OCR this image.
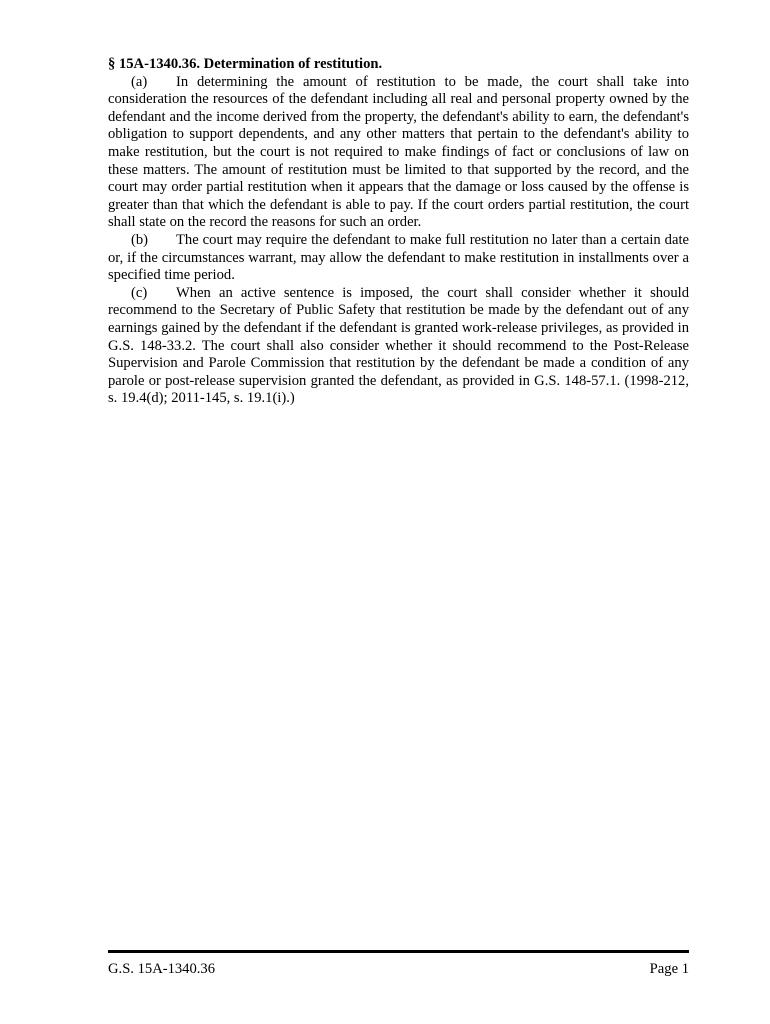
§ 15A-1340.36. Determination of restitution.

(a) In determining the amount of restitution to be made, the court shall take into consideration the resources of the defendant including all real and personal property owned by the defendant and the income derived from the property, the defendant's ability to earn, the defendant's obligation to support dependents, and any other matters that pertain to the defendant's ability to make restitution, but the court is not required to make findings of fact or conclusions of law on these matters. The amount of restitution must be limited to that supported by the record, and the court may order partial restitution when it appears that the damage or loss caused by the offense is greater than that which the defendant is able to pay. If the court orders partial restitution, the court shall state on the record the reasons for such an order.

(b) The court may require the defendant to make full restitution no later than a certain date or, if the circumstances warrant, may allow the defendant to make restitution in installments over a specified time period.

(c) When an active sentence is imposed, the court shall consider whether it should recommend to the Secretary of Public Safety that restitution be made by the defendant out of any earnings gained by the defendant if the defendant is granted work-release privileges, as provided in G.S. 148-33.2. The court shall also consider whether it should recommend to the Post-Release Supervision and Parole Commission that restitution by the defendant be made a condition of any parole or post-release supervision granted the defendant, as provided in G.S. 148-57.1. (1998-212, s. 19.4(d); 2011-145, s. 19.1(i).)

G.S. 15A-1340.36	Page 1
